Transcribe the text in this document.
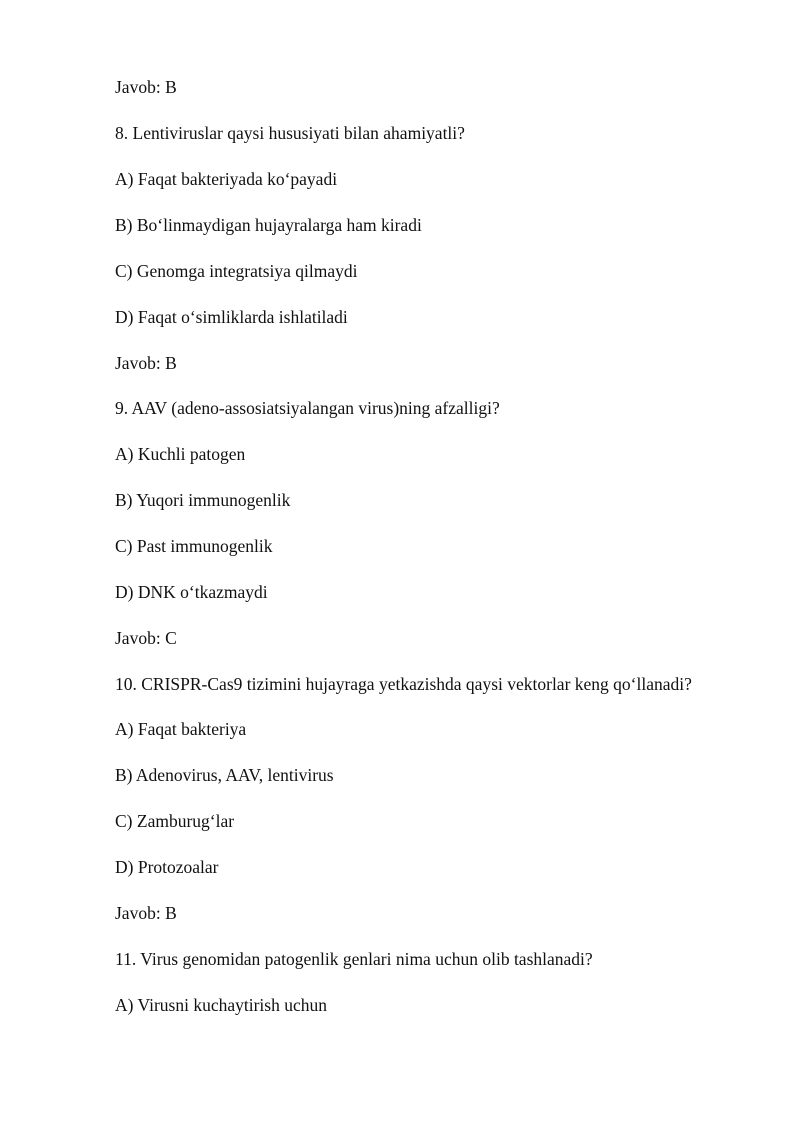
Javob: B

8. Lentiviruslar qaysi hususiyati bilan ahamiyatli?

A) Faqat bakteriyada ko‘payadi

B) Bo‘linmaydigan hujayralarga ham kiradi

C) Genomga integratsiya qilmaydi

D) Faqat o‘simliklarda ishlatiladi

Javob: B

9. AAV (adeno-assosiatsiyalangan virus)ning afzalligi?

A) Kuchli patogen

B) Yuqori immunogenlik

C) Past immunogenlik

D) DNK o‘tkazmaydi

Javob: C

10. CRISPR-Cas9 tizimini hujayraga yetkazishda qaysi vektorlar keng qo‘llanadi?

A) Faqat bakteriya

B) Adenovirus, AAV, lentivirus

C) Zamburug‘lar

D) Protozoalar

Javob: B

11. Virus genomidan patogenlik genlari nima uchun olib tashlanadi?

A) Virusni kuchaytirish uchun
